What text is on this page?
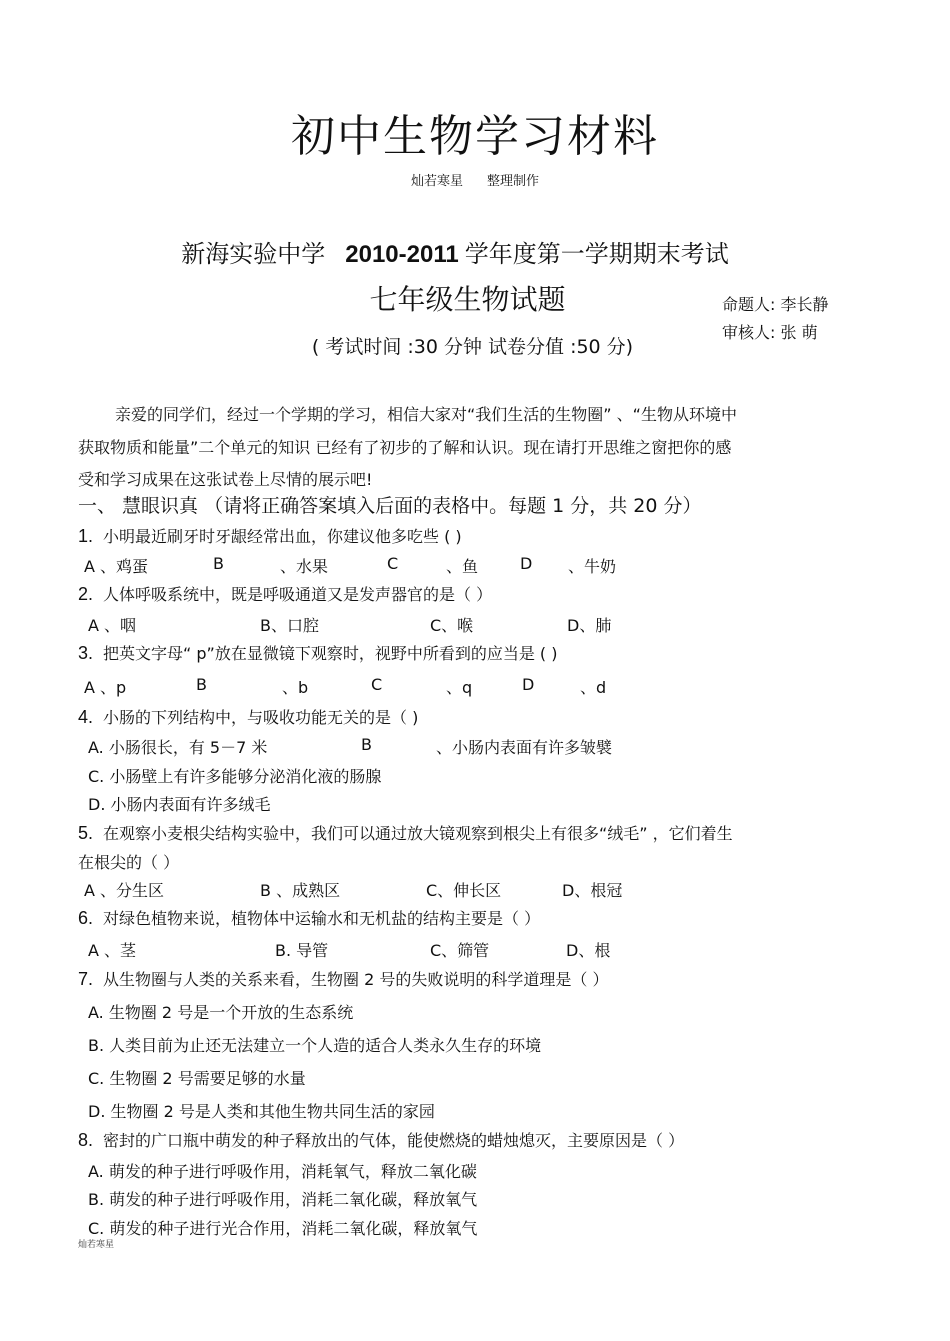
初中生物学习材料
灿若寒星 整理制作
新海实验中学 2010-2011 学年度第一学期期末考试
七年级生物试题	命题人: 李长静
审核人: 张 萌
( 考试时间 :30 分钟 试卷分值 :50 分)
亲爱的同学们，经过一个学期的学习，相信大家对“我们生活的生物圈” 、“生物从环境中
获取物质和能量”二个单元的知识 已经有了初步的了解和认识。现在请打开思维之窗把你的感
受和学习成果在这张试卷上尽情的展示吧!
一、 慧眼识真 （请将正确答案填入后面的表格中。每题 1 分，共 20 分）
1. 小明最近刷牙时牙龈经常出血，你建议他多吃些 ( )
A 、鸡蛋	B	、水果	C	、鱼	D 、牛奶
2. 人体呼吸系统中，既是呼吸通道又是发声器官的是（ ）
A 、咽	B、口腔	C、喉	D、肺
3. 把英文字母“ p”放在显微镜下观察时，视野中所看到的应当是 ( )
A 、p	B	、b	C	、q	D	、d
4. 小肠的下列结构中，与吸收功能无关的是（ )
A. 小肠很长，有 5－7 米	B	、小肠内表面有许多皱襞
C. 小肠壁上有许多能够分泌消化液的肠腺
D. 小肠内表面有许多绒毛
5. 在观察小麦根尖结构实验中，我们可以通过放大镜观察到根尖上有很多“绒毛” ，它们着生
在根尖的（ ）
A 、分生区	B 、成熟区	C、伸长区	D、根冠
6. 对绿色植物来说，植物体中运输水和无机盐的结构主要是（ ）
A 、茎	B. 导管	C、筛管	D、根
7. 从生物圈与人类的关系来看，生物圈 2 号的失败说明的科学道理是（ ）
A. 生物圈 2 号是一个开放的生态系统
B. 人类目前为止还无法建立一个人造的适合人类永久生存的环境
C. 生物圈 2 号需要足够的水量
D. 生物圈 2 号是人类和其他生物共同生活的家园
8. 密封的广口瓶中萌发的种子释放出的气体，能使燃烧的蜡烛熄灭，主要原因是（ ）
A. 萌发的种子进行呼吸作用，消耗氧气，释放二氧化碳
B. 萌发的种子进行呼吸作用，消耗二氧化碳，释放氧气
C. 萌发的种子进行光合作用，消耗二氧化碳，释放氧气
灿若寒星
